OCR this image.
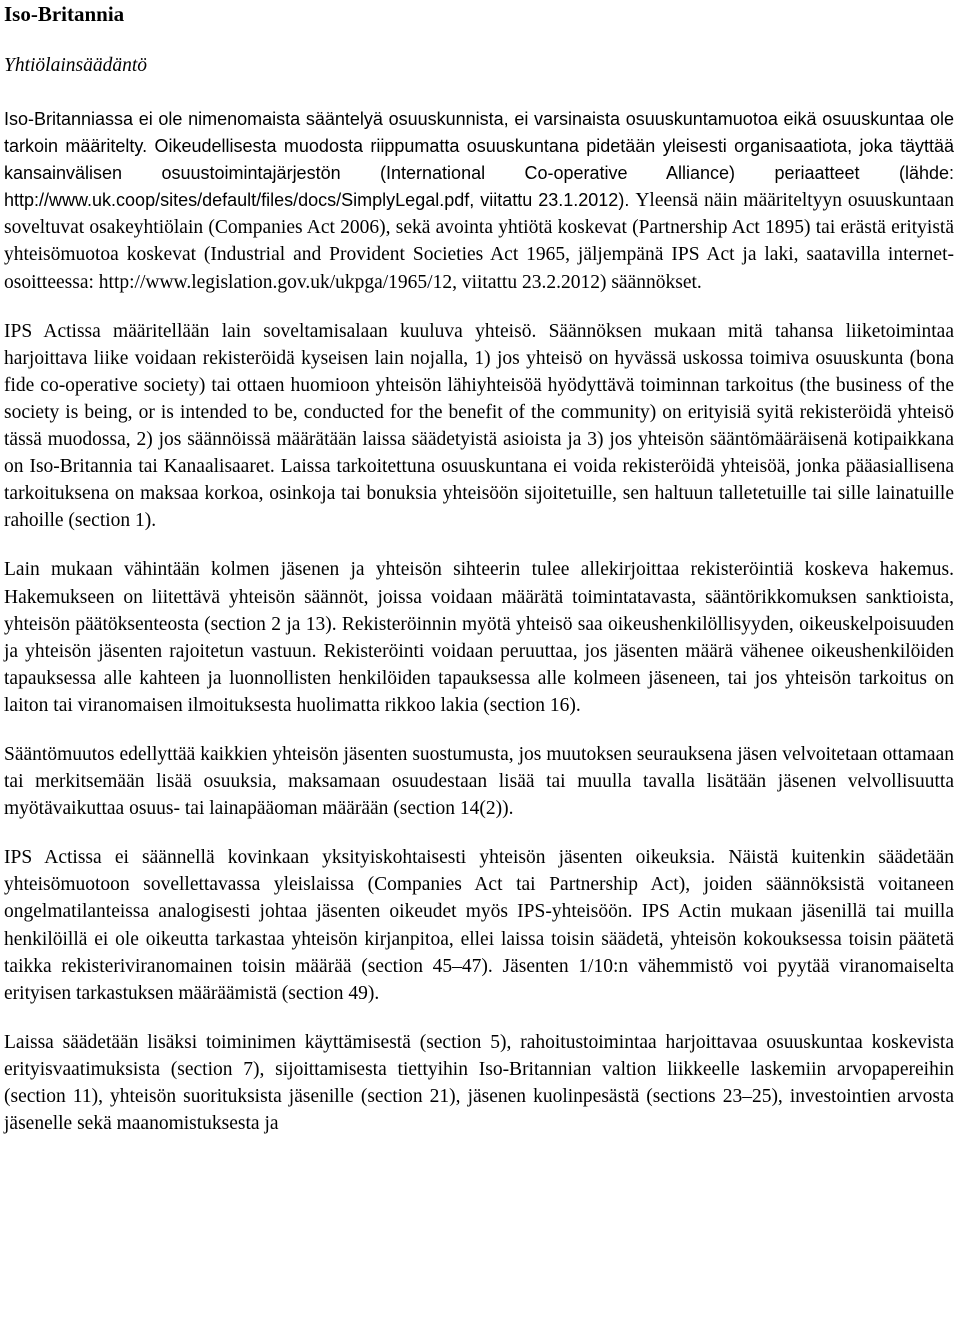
Iso-Britannia
Yhtiölainsäädäntö

Iso-Britanniassa ei ole nimenomaista sääntelyä osuuskunnista, ei varsinaista osuuskuntamuotoa eikä osuuskuntaa ole tarkoin määritelty. Oikeudellisesta muodosta riippumatta osuuskuntana pidetään yleisesti organisaatiota, joka täyttää kansainvälisen osuustoimintajärjestön (International Co-operative Alliance) periaatteet (lähde: http://www.uk.coop/sites/default/files/docs/SimplyLegal.pdf, viitattu 23.1.2012). Yleensä näin määriteltyyn osuuskuntaan soveltuvat osakeyhtiölain (Companies Act 2006), sekä avointa yhtiötä koskevat (Partnership Act 1895) tai erästä erityistä yhteisömuotoa koskevat (Industrial and Provident Societies Act 1965, jäljempänä IPS Act ja laki, saatavilla internet-osoitteessa: http://www.legislation.gov.uk/ukpga/1965/12, viitattu 23.2.2012) säännökset.

IPS Actissa määritellään lain soveltamisalaan kuuluva yhteisö. Säännöksen mukaan mitä tahansa liiketoimintaa harjoittava liike voidaan rekisteröidä kyseisen lain nojalla, 1) jos yhteisö on hyvässä uskossa toimiva osuuskunta (bona fide co-operative society) tai ottaen huomioon yhteisön lähiyhteisöä hyödyttävä toiminnan tarkoitus (the business of the society is being, or is intended to be, conducted for the benefit of the community) on erityisiä syitä rekisteröidä yhteisö tässä muodossa, 2) jos säännöissä määrätään laissa säädetyistä asioista ja 3) jos yhteisön sääntömääräisenä kotipaikkana on Iso-Britannia tai Kanaalisaaret. Laissa tarkoitettuna osuuskuntana ei voida rekisteröidä yhteisöä, jonka pääasiallisena tarkoituksena on maksaa korkoa, osinkoja tai bonuksia yhteisöön sijoitetuille, sen haltuun talletetuille tai sille lainatuille rahoille (section 1).

Lain mukaan vähintään kolmen jäsenen ja yhteisön sihteerin tulee allekirjoittaa rekisteröintiä koskeva hakemus. Hakemukseen on liitettävä yhteisön säännöt, joissa voidaan määrätä toimintatavasta, sääntörikkomuksen sanktioista, yhteisön päätöksenteosta (section 2 ja 13). Rekisteröinnin myötä yhteisö saa oikeushenkilöllisyyden, oikeuskelpoisuuden ja yhteisön jäsenten rajoitetun vastuun. Rekisteröinti voidaan peruuttaa, jos jäsenten määrä vähenee oikeushenkilöiden tapauksessa alle kahteen ja luonnollisten henkilöiden tapauksessa alle kolmeen jäseneen, tai jos yhteisön tarkoitus on laiton tai viranomaisen ilmoituksesta huolimatta rikkoo lakia (section 16).

Sääntömuutos edellyttää kaikkien yhteisön jäsenten suostumusta, jos muutoksen seurauksena jäsen velvoitetaan ottamaan tai merkitsemään lisää osuuksia, maksamaan osuudestaan lisää tai muulla tavalla lisätään jäsenen velvollisuutta myötävaikuttaa osuus- tai lainapääoman määrään (section 14(2)).

IPS Actissa ei säännellä kovinkaan yksityiskohtaisesti yhteisön jäsenten oikeuksia. Näistä kuitenkin säädetään yhteisömuotoon sovellettavassa yleislaissa (Companies Act tai Partnership Act), joiden säännöksistä voitaneen ongelmatilanteissa analogisesti johtaa jäsenten oikeudet myös IPS-yhteisöön. IPS Actin mukaan jäsenillä tai muilla henkilöillä ei ole oikeutta tarkastaa yhteisön kirjanpitoa, ellei laissa toisin säädetä, yhteisön kokouksessa toisin päätetä taikka rekisteriviranomainen toisin määrää (section 45–47). Jäsenten 1/10:n vähemmistö voi pyytää viranomaiselta erityisen tarkastuksen määräämistä (section 49).

Laissa säädetään lisäksi toiminimen käyttämisestä (section 5), rahoitustoimintaa harjoittavaa osuuskuntaa koskevista erityisvaatimuksista (section 7), sijoittamisesta tiettyihin Iso-Britannian valtion liikkeelle laskemiin arvopapereihin (section 11), yhteisön suorituksista jäsenille (section 21), jäsenen kuolinpesästä (sections 23–25), investointien arvosta jäsenelle sekä maanomistuksesta ja
